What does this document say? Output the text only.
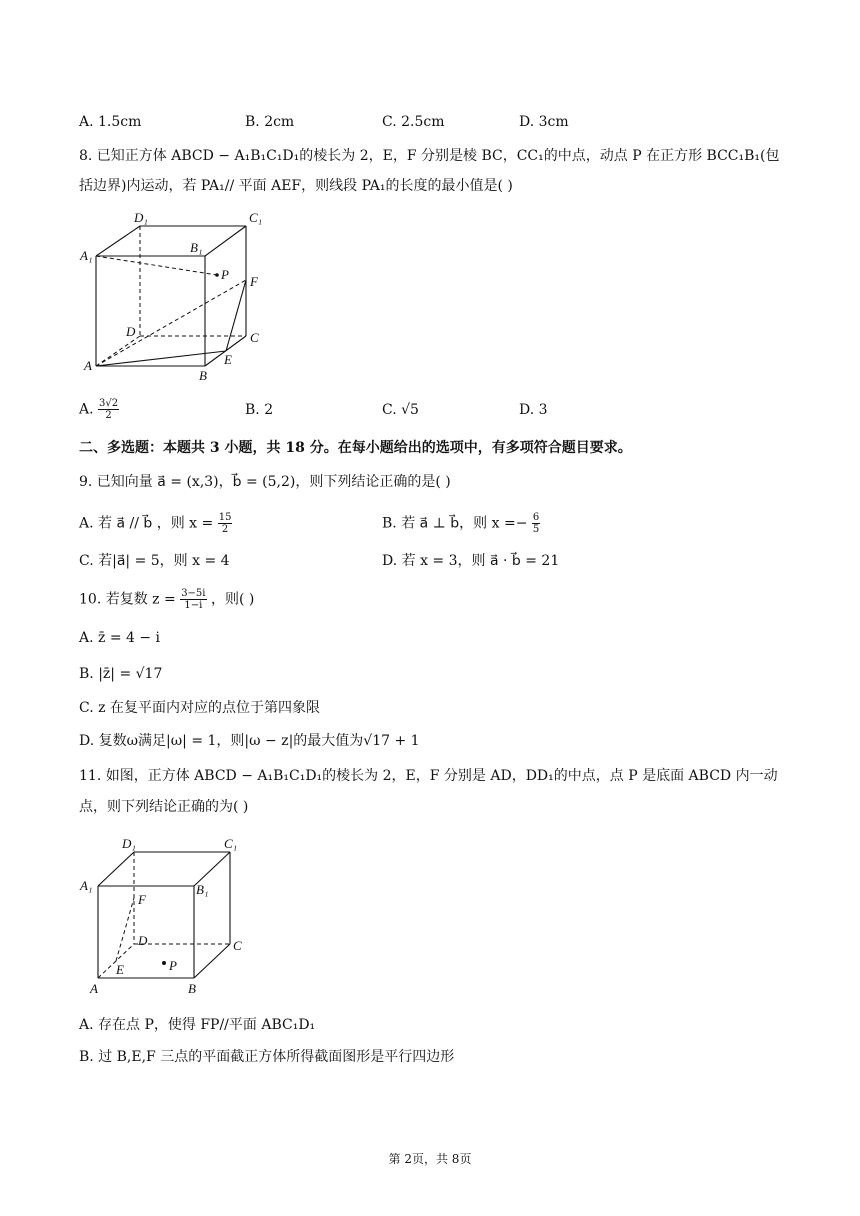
A. 1.5cm	B. 2cm	C. 2.5cm	D. 3cm
8. 已知正方体 ABCD − A₁B₁C₁D₁的棱长为 2，E，F 分别是棱 BC，CC₁的中点，动点 P 在正方形 BCC₁B₁(包
括边界)内运动，若 PA₁// 平面 AEF，则线段 PA₁的长度的最小值是( )
D₁	C₁
A₁
B₁
P F
D	C
A	E
B
A. $\frac{3√2}{2}$	B. 2	C. √5	D. 3
二、多选题：本题共 3 小题，共 18 分。在每小题给出的选项中，有多项符合题目要求。
9. 已知向量 a⃗ = (x,3)，b⃗ = (5,2)，则下列结论正确的是( )
A. 若 a⃗ // b⃗ ，则 $x = \frac{15}{2}$	B. 若 a⃗ ⊥ b⃗，则 $x =- \frac{6}{5}$
C. 若|a⃗| = 5，则 x = 4	D. 若 x = 3，则 a⃗ · b⃗ = 21
10. 若复数 $z = \frac{3-5i}{1-i}$ ，则( )
A. z̄ = 4 − i
B. |z̄| = √17
C. z 在复平面内对应的点位于第四象限
D. 复数ω满足|ω| = 1，则|ω − z|的最大值为√17 + 1
11. 如图，正方体 ABCD − A₁B₁C₁D₁的棱长为 2，E，F 分别是 AD，DD₁的中点，点 P 是底面 ABCD 内一动
点，则下列结论正确的为( )
D₁	C₁
A₁	B₁
F
D	C
E	P
A	B
A. 存在点 P，使得 FP//平面 ABC₁D₁
B. 过 B,E,F 三点的平面截正方体所得截面图形是平行四边形
第 2页，共 8页
